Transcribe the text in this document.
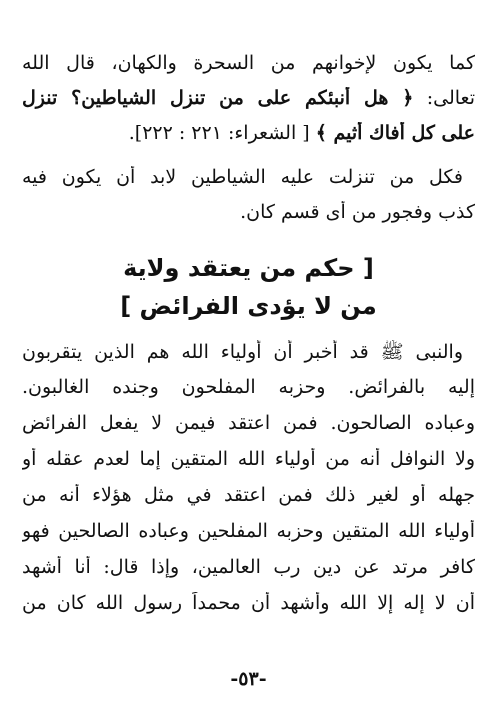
كما يكون لإخوانهم من السحرة والكهان، قال الله
تعالى: ﴿ هل أنبئكم على من تنزل الشياطين؟ تنزل
على كل أفاك أثيم ﴾ [ الشعراء: ٢٢١ : ٢٢٢].
فكل من تنزلت عليه الشياطين لابد أن يكون فيه
كذب وفجور من أى قسم كان.
[ حكم من يعتقد ولاية
من لا يؤدى الفرائض ]
والنبى ﷺ قد أخبر أن أولياء الله هم الذين يتقربون
إليه بالفرائض. وحزبه المفلحون وجنده الغالبون.
وعباده الصالحون. فمن اعتقد فيمن لا يفعل الفرائض
ولا النوافل أنه من أولياء الله المتقين إما لعدم عقله أو
جهله أو لغير ذلك فمن اعتقد في مثل هؤلاء أنه من
أولياء الله المتقين وحزبه المفلحين وعباده الصالحين فهو
كافر مرتد عن دين رب العالمين، وإذا قال: أنا أشهد
أن لا إله إلا الله وأشهد أن محمداً رسول الله كان من
-٥٣-
